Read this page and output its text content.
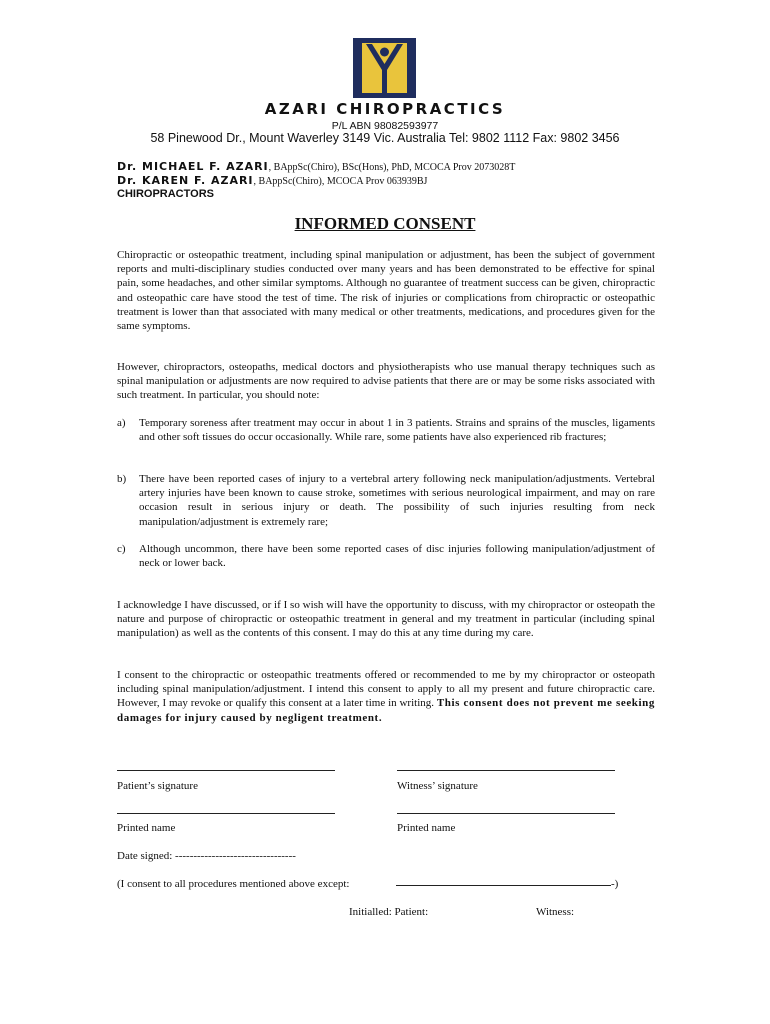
AZARI CHIROPRACTICS
P/L ABN 98082593977
58 Pinewood Dr., Mount Waverley 3149 Vic. Australia Tel: 9802 1112 Fax: 9802 3456
Dr. MICHAEL F. AZARI, BAppSc(Chiro), BSc(Hons), PhD, MCOCA Prov 2073028T
Dr. KAREN F. AZARI, BAppSc(Chiro), MCOCA Prov 063939BJ
CHIROPRACTORS
INFORMED CONSENT

Chiropractic or osteopathic treatment, including spinal manipulation or adjustment, has been the subject of government reports and multi-disciplinary studies conducted over many years and has been demonstrated to be effective for spinal pain, some headaches, and other similar symptoms. Although no guarantee of treatment success can be given, chiropractic and osteopathic care have stood the test of time. The risk of injuries or complications from chiropractic or osteopathic treatment is lower than that associated with many medical or other treatments, medications, and procedures given for the same symptoms.

However, chiropractors, osteopaths, medical doctors and physiotherapists who use manual therapy techniques such as spinal manipulation or adjustments are now required to advise patients that there are or may be some risks associated with such treatment. In particular, you should note:

a) Temporary soreness after treatment may occur in about 1 in 3 patients. Strains and sprains of the muscles, ligaments and other soft tissues do occur occasionally. While rare, some patients have also experienced rib fractures;
b) There have been reported cases of injury to a vertebral artery following neck manipulation/adjustments. Vertebral artery injuries have been known to cause stroke, sometimes with serious neurological impairment, and may on rare occasion result in serious injury or death. The possibility of such injuries resulting from neck manipulation/adjustment is extremely rare;
c) Although uncommon, there have been some reported cases of disc injuries following manipulation/adjustment of neck or lower back.

I acknowledge I have discussed, or if I so wish will have the opportunity to discuss, with my chiropractor or osteopath the nature and purpose of chiropractic or osteopathic treatment in general and my treatment in particular (including spinal manipulation) as well as the contents of this consent. I may do this at any time during my care.

I consent to the chiropractic or osteopathic treatments offered or recommended to me by my chiropractor or osteopath including spinal manipulation/adjustment. I intend this consent to apply to all my present and future chiropractic care. However, I may revoke or qualify this consent at a later time in writing. This consent does not prevent me seeking damages for injury caused by negligent treatment.

Patient’s signature	Witness’ signature
Printed name	Printed name
Date signed: ---------------------------------
(I consent to all procedures mentioned above except:	-)
Initialled: Patient:	Witness:
